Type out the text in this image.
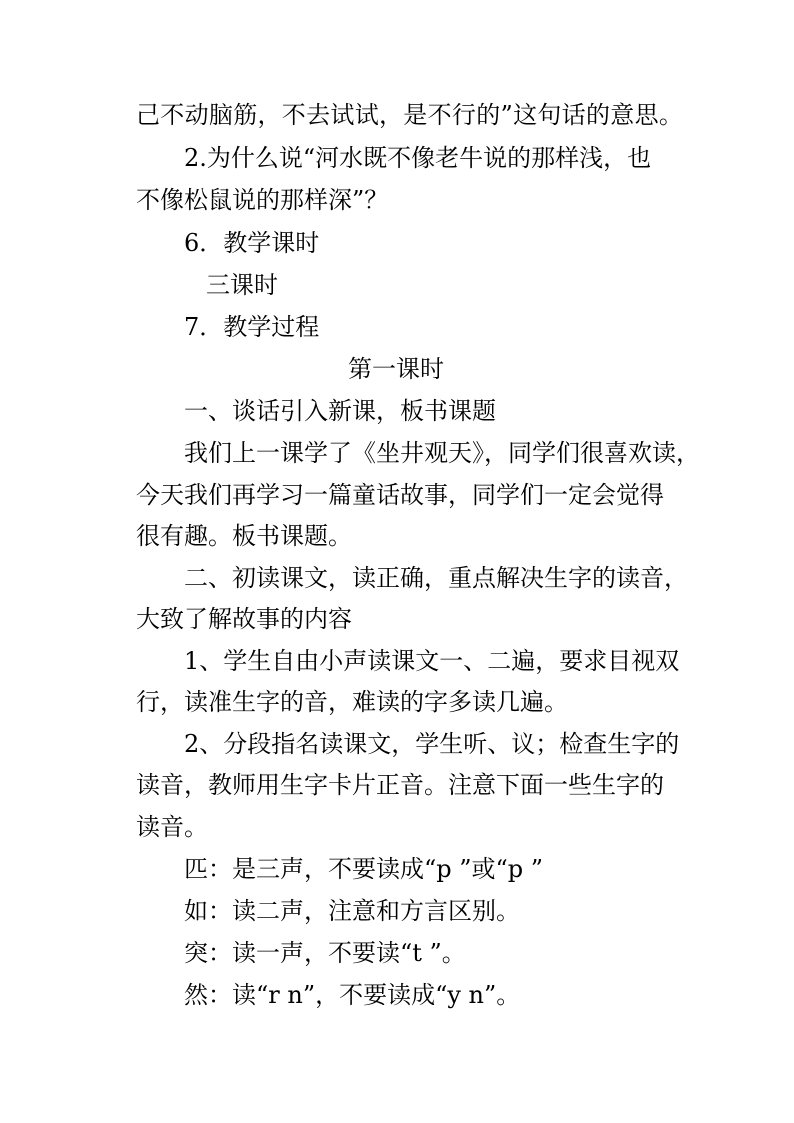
己不动脑筋，不去试试，是不行的”这句话的意思。
2.为什么说“河水既不像老牛说的那样浅，也
不像松鼠说的那样深”？
6．教学课时
三课时
7．教学过程
第一课时
一、谈话引入新课，板书课题
我们上一课学了《坐井观天》，同学们很喜欢读，
今天我们再学习一篇童话故事，同学们一定会觉得
很有趣。板书课题。
二、初读课文，读正确，重点解决生字的读音，
大致了解故事的内容
1、学生自由小声读课文一、二遍，要求目视双
行，读准生字的音，难读的字多读几遍。
2、分段指名读课文，学生听、议；检查生字的
读音，教师用生字卡片正音。注意下面一些生字的
读音。
匹：是三声，不要读成“p ”或“p ”
如：读二声，注意和方言区别。
突：读一声，不要读“t ”。
然：读“r n”，不要读成“y n”。
